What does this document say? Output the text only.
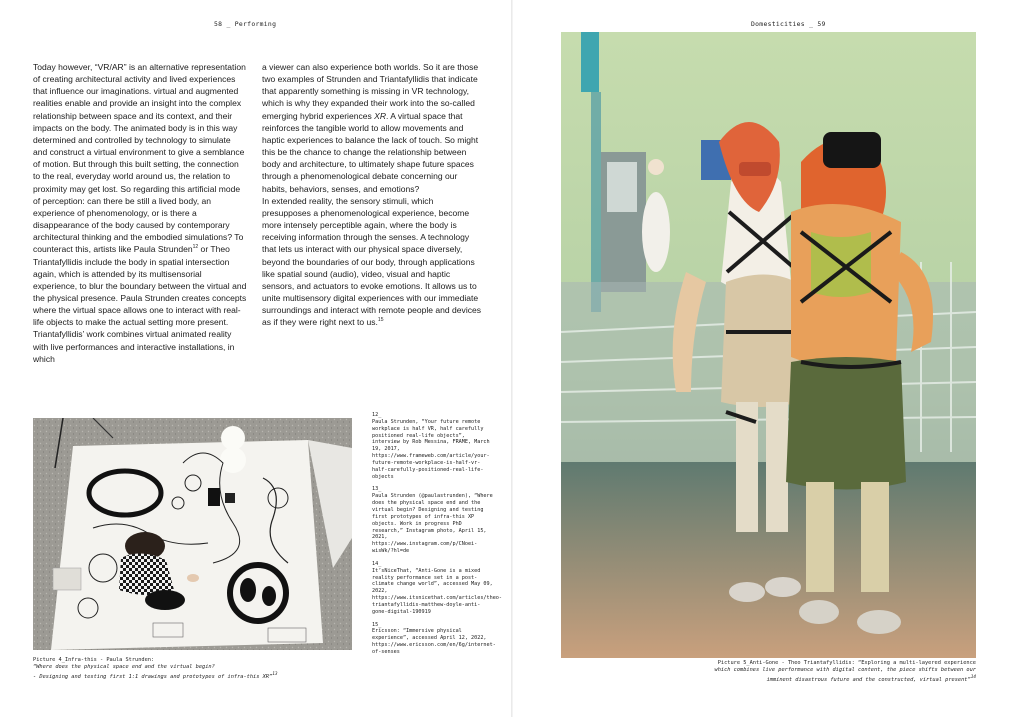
58 _ Performing	Domesticities _ 59

Today however, “VR/AR” is an alternative representation of creating architectural activity and lived experiences that influence our imaginations. virtual and augmented realities enable and provide an insight into the complex relationship between space and its context, and their impacts on the body. The animated body is in this way determined and controlled by technology to simulate and construct a virtual environment to give a semblance of motion. But through this built setting, the connection to the real, everyday world around us, the relation to proximity may get lost. So regarding this artificial mode of perception: can there be still a lived body, an experience of phenomenology, or is there a disappearance of the body caused by contemporary architectural thinking and the embodied simulations? To counteract this, artists like Paula Strunden$^{12}$ or Theo Triantafyllidis include the body in spatial intersection again, which is attended by its multisensorial experience, to blur the boundary between the virtual and the physical presence. Paula Strunden creates concepts where the virtual space allows one to interact with real-life objects to make the actual setting more present. Triantafyllidis’ work combines virtual animated reality with live performances and interactive installations, in which

a viewer can also experience both worlds. So it are those two examples of Strunden and Triantafyllidis that indicate that apparently something is missing in VR technology, which is why they expanded their work into the so-called emerging hybrid experiences XR. A virtual space that reinforces the tangible world to allow movements and haptic experiences to balance the lack of touch. So might this be the chance to change the relationship between body and architecture, to ultimately shape future spaces through a phenomenological debate concerning our habits, behaviors, senses, and emotions?

In extended reality, the sensory stimuli, which presupposes a phenomenological experience, become more intensely perceptible again, where the body is receiving information through the senses. A technology that lets us interact with our physical space diversely, beyond the boundaries of our body, through applications like spatial sound (audio), video, visual and haptic sensors, and actuators to evoke emotions. It allows us to unite multisensory digital experiences with our immediate surroundings and interact with remote people and devices as if they were right next to us.$^{15}$

Picture 4_Infra-this - Paula Strunden:
“Where does the physical space end and the virtual begin?
- Designing and testing first 1:1 drawings and prototypes of infra-this XR”$^{13}$
12_
Paula Strunden, “Your future remote workplace is half VR, half carefully positioned real-life objects”, interview by Rob Messina, FRAME, March 19, 2017, https://www.frameweb.com/article/your-future-remote-workplace-is-half-vr-half-carefully-positioned-real-life-objects
13_
Paula Strunden (@paulastrunden), “Where does the physical space end and the virtual begin? Designing and testing first prototypes of infra-this XP objects. Work in progress PhD research,” Instagram photo, April 15, 2021, https://www.instagram.com/p/CNoei-wisWk/?hl=de
14_
It’sNiceThat, “Anti-Gone is a mixed reality performance set in a post-climate change world”, accessed May 09, 2022, https://www.itsnicethat.com/articles/theo-triantafyllidis-matthew-doyle-anti-gone-digital-190919
15_
Ericsson: “Immersive physical experience”, accessed April 12, 2022, https://www.ericsson.com/en/6g/internet-of-senses
Picture 5_Anti-Gone - Theo Triantafyllidis: “Exploring a multi-layered experience
which combines live performance with digital content, the piece shifts between our
imminent disastrous future and the constructed, virtual present”$^{14}$
